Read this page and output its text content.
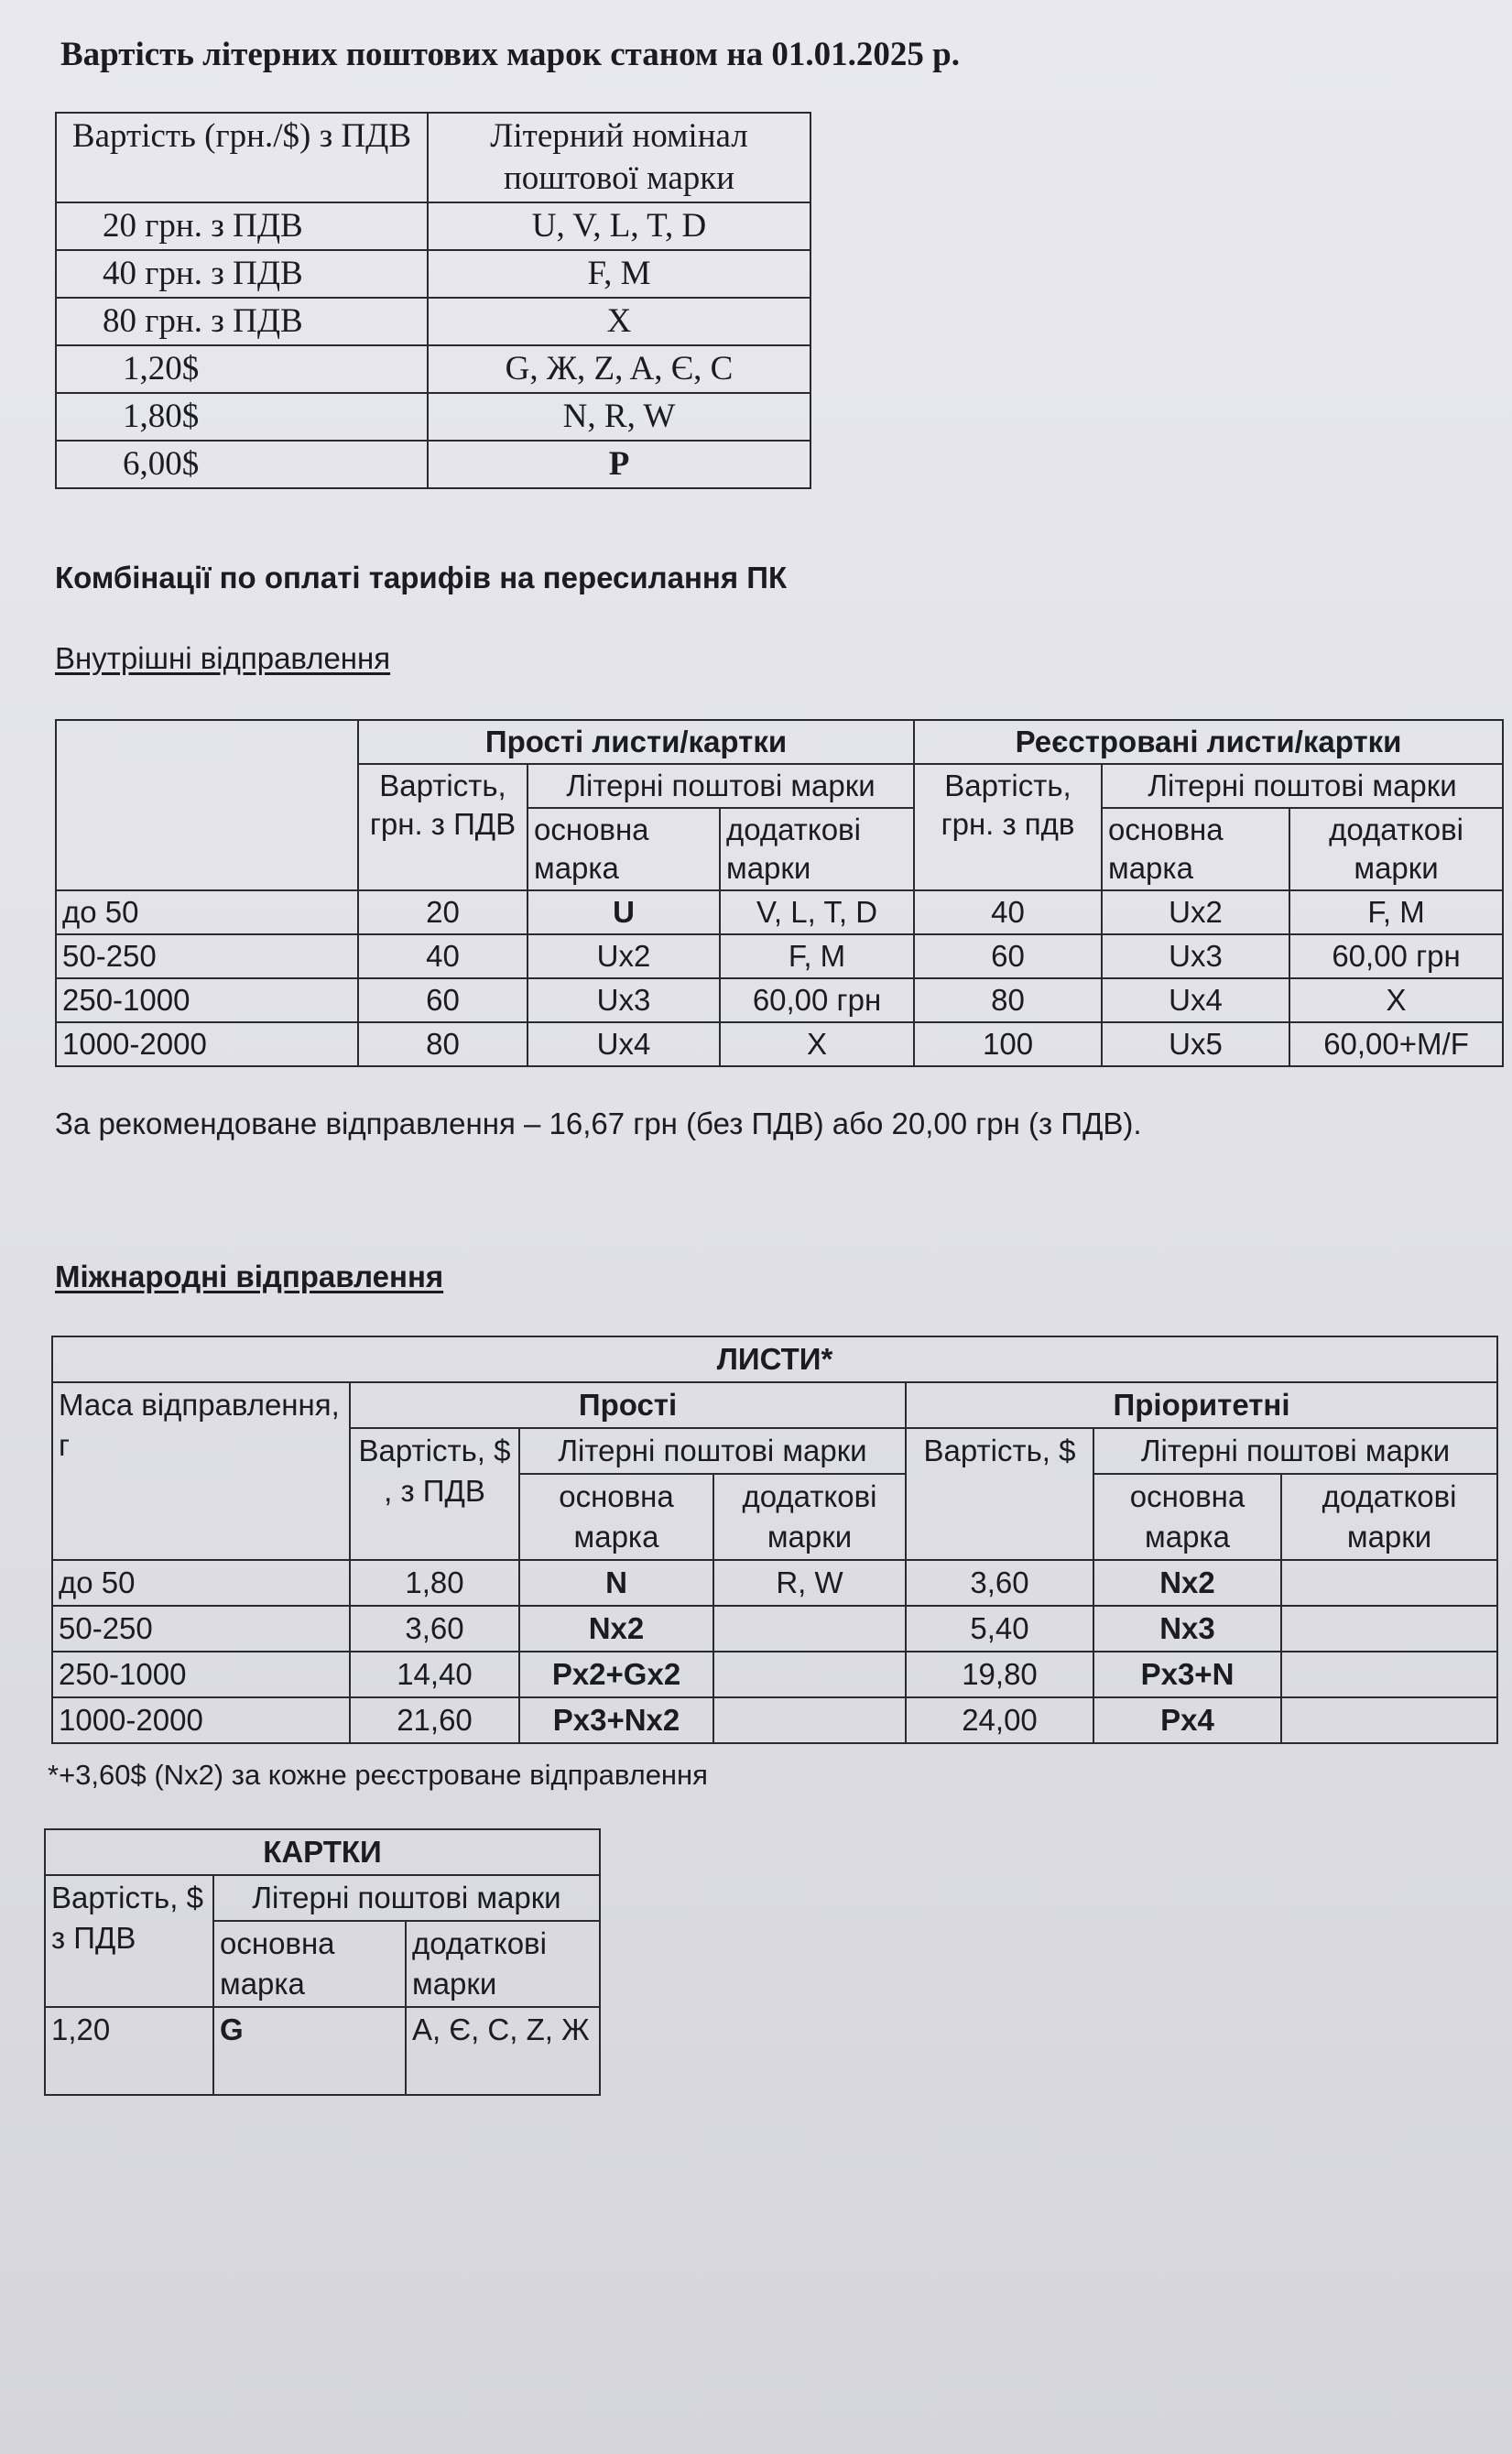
Вартість літерних поштових марок станом на 01.01.2025 р.
Вартість (грн./$) з ПДВ	Літерний номінал поштової марки
20 грн. з ПДВ	U, V, L, T, D
40 грн. з ПДВ	F, M
80 грн. з ПДВ	X
1,20$	G, Ж, Z, A, Є, C
1,80$	N, R, W
6,00$	P
Комбінації по оплаті тарифів на пересилання ПК
Внутрішні відправлення
	Прості листи/картки			Реєстровані листи/картки		
	Вартість, грн. з ПДВ	Літерні поштові марки		Вартість, грн. з пдв	Літерні поштові марки	
		основна марка	додаткові марки		основна марка	додаткові марки
до 50	20	U	V, L, T, D	40	Ux2	F, M
50-250	40	Ux2	F, M	60	Ux3	60,00 грн
250-1000	60	Ux3	60,00 грн	80	Ux4	X
1000-2000	80	Ux4	X	100	Ux5	60,00+M/F
За рекомендоване відправлення – 16,67 грн (без ПДВ) або 20,00 грн (з ПДВ).
Міжнародні відправлення
ЛИСТИ*						
Маса відправлення, г	Прості			Пріоритетні		
	Вартість, $ , з ПДВ	Літерні поштові марки		Вартість, $	Літерні поштові марки	
		основна марка	додаткові марки		основна марка	додаткові марки
до 50	1,80	N	R, W	3,60	Nx2	
50-250	3,60	Nx2		5,40	Nx3	
250-1000	14,40	Px2+Gx2		19,80	Px3+N	
1000-2000	21,60	Px3+Nx2		24,00	Px4	
*+3,60$ (Nx2) за кожне реєстроване відправлення
КАРТКИ		
Вартість, $ з ПДВ	Літерні поштові марки	
	основна марка	додаткові марки
1,20	G	А, Є, С, Z, Ж
